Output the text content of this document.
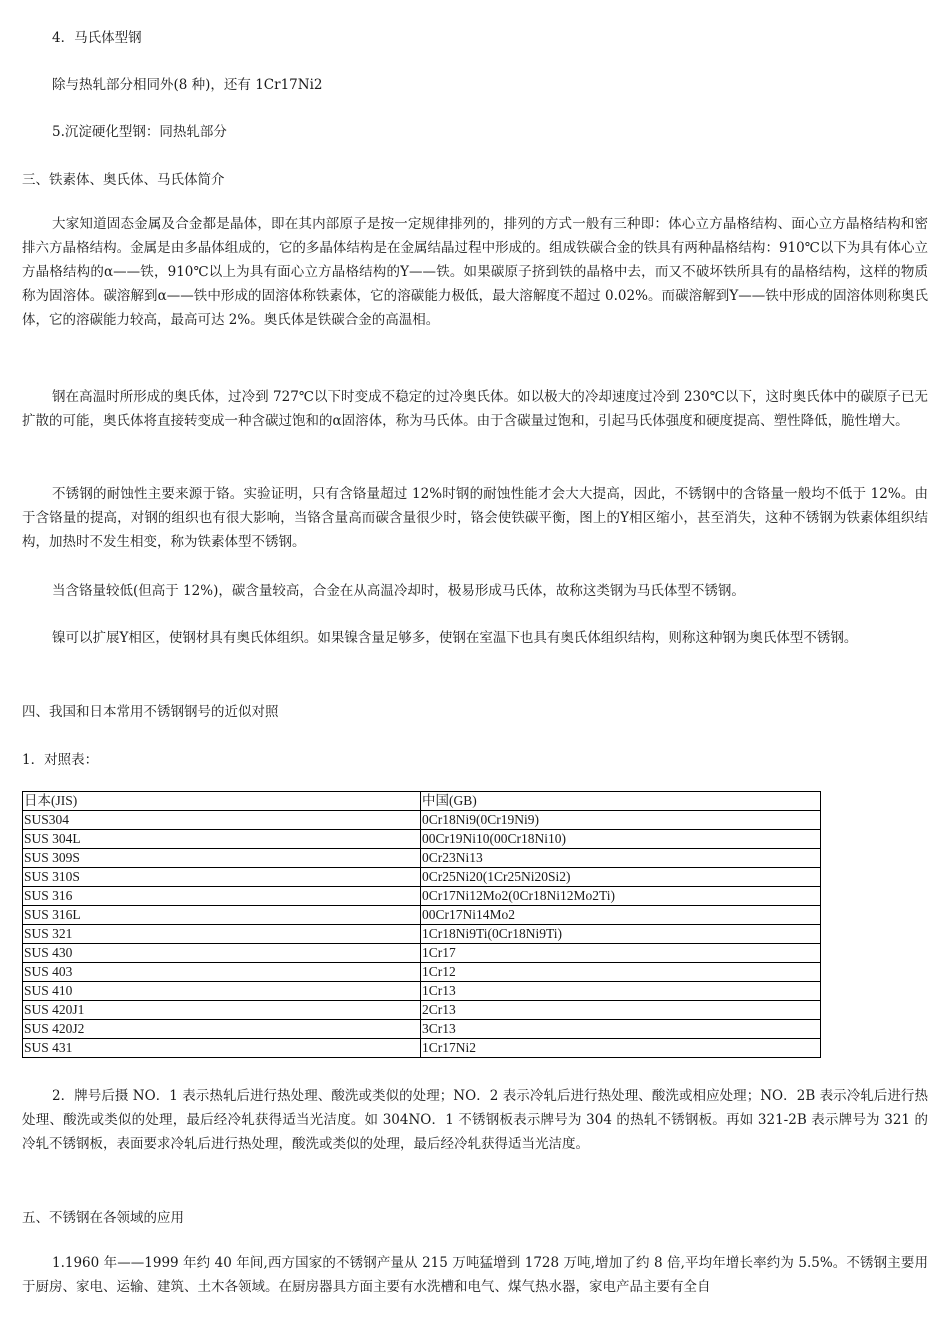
4．马氏体型钢
除与热轧部分相同外(8 种)，还有 1Cr17Ni2
5.沉淀硬化型钢：同热轧部分
三、铁素体、奥氏体、马氏体简介
大家知道固态金属及合金都是晶体，即在其内部原子是按一定规律排列的，排列的方式一般有三种即：体心立方晶格结构、面心立方晶格结构和密排六方晶格结构。金属是由多晶体组成的，它的多晶体结构是在金属结晶过程中形成的。组成铁碳合金的铁具有两种晶格结构：910℃以下为具有体心立方晶格结构的α——铁，910℃以上为具有面心立方晶格结构的Υ——铁。如果碳原子挤到铁的晶格中去，而又不破坏铁所具有的晶格结构，这样的物质称为固溶体。碳溶解到α——铁中形成的固溶体称铁素体，它的溶碳能力极低，最大溶解度不超过 0.02%。而碳溶解到Υ——铁中形成的固溶体则称奥氏体，它的溶碳能力较高，最高可达 2%。奥氏体是铁碳合金的高温相。
钢在高温时所形成的奥氏体，过冷到 727℃以下时变成不稳定的过冷奥氏体。如以极大的冷却速度过冷到 230℃以下，这时奥氏体中的碳原子已无扩散的可能，奥氏体将直接转变成一种含碳过饱和的α固溶体，称为马氏体。由于含碳量过饱和，引起马氏体强度和硬度提高、塑性降低，脆性增大。
不锈钢的耐蚀性主要来源于铬。实验证明，只有含铬量超过 12%时钢的耐蚀性能才会大大提高，因此，不锈钢中的含铬量一般均不低于 12%。由于含铬量的提高，对钢的组织也有很大影响，当铬含量高而碳含量很少时，铬会使铁碳平衡，图上的Υ相区缩小，甚至消失，这种不锈钢为铁素体组织结构，加热时不发生相变，称为铁素体型不锈钢。
当含铬量较低(但高于 12%)，碳含量较高，合金在从高温冷却时，极易形成马氏体，故称这类钢为马氏体型不锈钢。
镍可以扩展Υ相区，使钢材具有奥氏体组织。如果镍含量足够多，使钢在室温下也具有奥氏体组织结构，则称这种钢为奥氏体型不锈钢。
四、我国和日本常用不锈钢钢号的近似对照
1．对照表：
日本(JIS)	中国(GB)
SUS304	0Cr18Ni9(0Cr19Ni9)
SUS 304L	00Cr19Ni10(00Cr18Ni10)
SUS 309S	0Cr23Ni13
SUS 310S	0Cr25Ni20(1Cr25Ni20Si2)
SUS 316	0Cr17Ni12Mo2(0Cr18Ni12Mo2Ti)
SUS 316L	00Cr17Ni14Mo2
SUS 321	1Cr18Ni9Ti(0Cr18Ni9Ti)
SUS 430	1Cr17
SUS 403	1Cr12
SUS 410	1Cr13
SUS 420J1	2Cr13
SUS 420J2	3Cr13
SUS 431	1Cr17Ni2
2．牌号后摄 NO．1 表示热轧后进行热处理、酸洗或类似的处理；NO．2 表示冷轧后进行热处理、酸洗或相应处理；NO．2B 表示冷轧后进行热处理、酸洗或类似的处理，最后经冷轧获得适当光洁度。如 304NO．1 不锈钢板表示牌号为 304 的热轧不锈钢板。再如 321-2B 表示牌号为 321 的冷轧不锈钢板，表面要求冷轧后进行热处理，酸洗或类似的处理，最后经冷轧获得适当光洁度。
五、不锈钢在各领域的应用
1.1960 年——1999 年约 40 年间,西方国家的不锈钢产量从 215 万吨猛增到 1728 万吨,增加了约 8 倍,平均年增长率约为 5.5%。不锈钢主要用于厨房、家电、运输、建筑、土木各领域。在厨房器具方面主要有水洗槽和电气、煤气热水器，家电产品主要有全自
